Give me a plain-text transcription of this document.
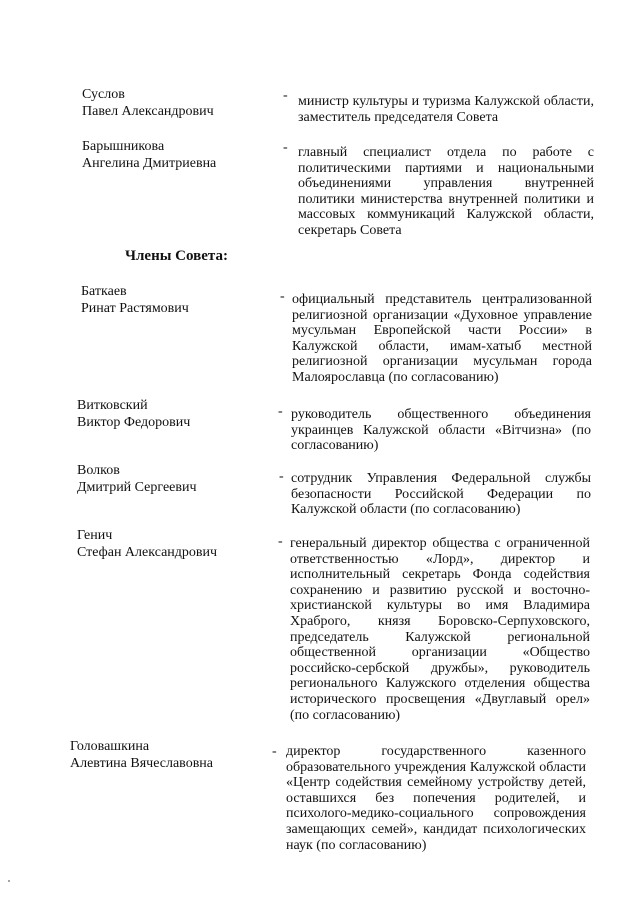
Суслов
Павел Александрович
- министр культуры и туризма Калужской области, заместитель председателя Совета
Барышникова
Ангелина Дмитриевна
- главный специалист отдела по работе с политическими партиями и национальными объединениями управления внутренней политики министерства внутренней политики и массовых коммуникаций Калужской области, секретарь Совета
Члены Совета:
Баткаев
Ринат Растямович
- официальный представитель централизованной религиозной организации «Духовное управление мусульман Европейской части России» в Калужской области, имам-хатыб местной религиозной организации мусульман города Малоярославца (по согласованию)
Витковский
Виктор Федорович
- руководитель общественного объединения украинцев Калужской области «Вітчизна» (по согласованию)
Волков
Дмитрий Сергеевич
- сотрудник Управления Федеральной службы безопасности Российской Федерации по Калужской области (по согласованию)
Генич
Стефан Александрович
- генеральный директор общества с ограниченной ответственностью «Лорд», директор и исполнительный секретарь Фонда содействия сохранению и развитию русской и восточно-христианской культуры во имя Владимира Храброго, князя Боровско-Серпуховского, председатель Калужской региональной общественной организации «Общество российско-сербской дружбы», руководитель регионального Калужского отделения общества исторического просвещения «Двуглавый орел» (по согласованию)
Головашкина
Алевтина Вячеславовна
- директор государственного казенного образовательного учреждения Калужской области «Центр содействия семейному устройству детей, оставшихся без попечения родителей, и психолого-медико-социального сопровождения замещающих семей», кандидат психологических наук (по согласованию)
